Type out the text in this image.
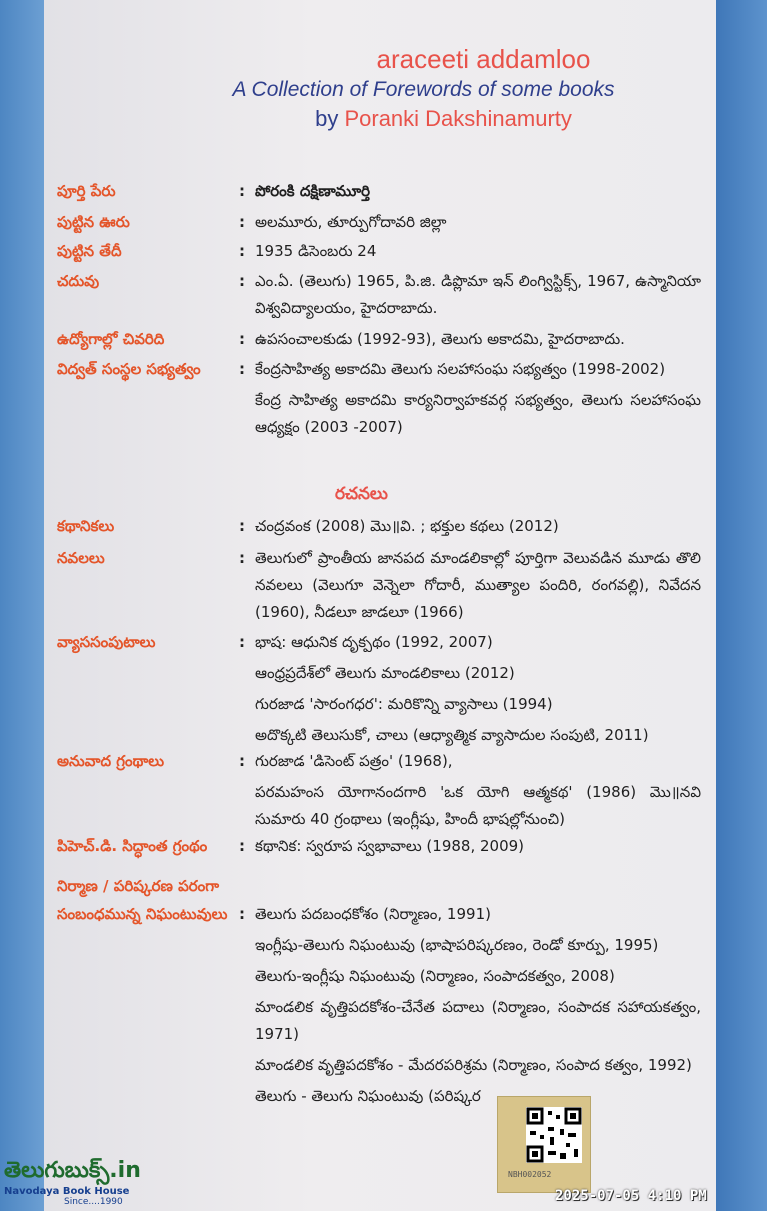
araceeti addamloo
A Collection of Forewords of some books
by Poranki Dakshinamurty
పూర్తి పేరు	: పోరంకి దక్షిణామూర్తి

పుట్టిన ఊరు	: అలమూరు, తూర్పుగోదావరి జిల్లా

పుట్టిన తేదీ	: 1935 డిసెంబరు 24

చదువు	: ఎం.ఏ. (తెలుగు) 1965, పి.జి. డిప్లొమా ఇన్ లింగ్విస్టిక్స్, 1967, ఉస్మానియా విశ్వవిద్యాలయం, హైదరాబాదు.

ఉద్యోగాల్లో చివరిది	: ఉపసంచాలకుడు (1992-93), తెలుగు అకాదమి, హైదరాబాదు.

విద్వత్ సంస్థల సభ్యత్వం	: కేంద్రసాహిత్య అకాదమి తెలుగు సలహాసంఘ సభ్యత్వం (1998-2002)

కేంద్ర సాహిత్య అకాదమి కార్యనిర్వాహకవర్గ సభ్యత్వం, తెలుగు సలహాసంఘ ఆధ్యక్షం (2003 -2007)

రచనలు
కథానికలు	: చంద్రవంక (2008) మొ॥వి. ; భక్తుల కథలు (2012)

నవలలు	: తెలుగులో ప్రాంతీయ జానపద మాండలికాల్లో పూర్తిగా వెలువడిన మూడు తొలి నవలలు (వెలుగూ వెన్నెలా గోదారీ, ముత్యాల పందిరి, రంగవల్లి), నివేదన (1960), నీడలూ జాడలూ (1966)

వ్యాససంపుటాలు	: భాష: ఆధునిక దృక్పథం (1992, 2007)

ఆంధ్రప్రదేశ్‌లో తెలుగు మాండలికాలు (2012)

గురజాడ 'సారంగధర': మరికొన్ని వ్యాసాలు (1994)

అదొక్కటి తెలుసుకో, చాలు (ఆధ్యాత్మిక వ్యాసాదుల సంపుటి, 2011)

అనువాద గ్రంథాలు	: గురజాడ 'డిసెంట్ పత్రం' (1968),

పరమహంస యోగానందగారి 'ఒక యోగి ఆత్మకథ' (1986) మొ॥నవి సుమారు 40 గ్రంథాలు (ఇంగ్లీషు, హిందీ భాషల్లోనుంచి)

పిహెచ్.డి. సిద్ధాంత గ్రంథం : కథానిక: స్వరూప స్వభావాలు (1988, 2009)

నిర్మాణ / పరిష్కరణ పరంగా
సంబంధమున్న నిఘంటువులు : తెలుగు పదబంధకోశం (నిర్మాణం, 1991)

ఇంగ్లీషు-తెలుగు నిఘంటువు (భాషాపరిష్కరణం, రెండో కూర్పు, 1995)

తెలుగు-ఇంగ్లీషు నిఘంటువు (నిర్మాణం, సంపాదకత్వం, 2008)

మాండలిక వృత్తిపదకోశం-చేనేత పదాలు (నిర్మాణం, సంపాదక సహాయకత్వం, 1971)

మాండలిక వృత్తిపదకోశం - మేదరపరిశ్రమ (నిర్మాణం, సంపాద కత్వం, 1992)

తెలుగు - తెలుగు నిఘంటువు (పరిష్కర

NBH002052
తెలుగుబుక్స్.in
Navodaya Book House
Since....1990	2025-07-05 4:10 PM
